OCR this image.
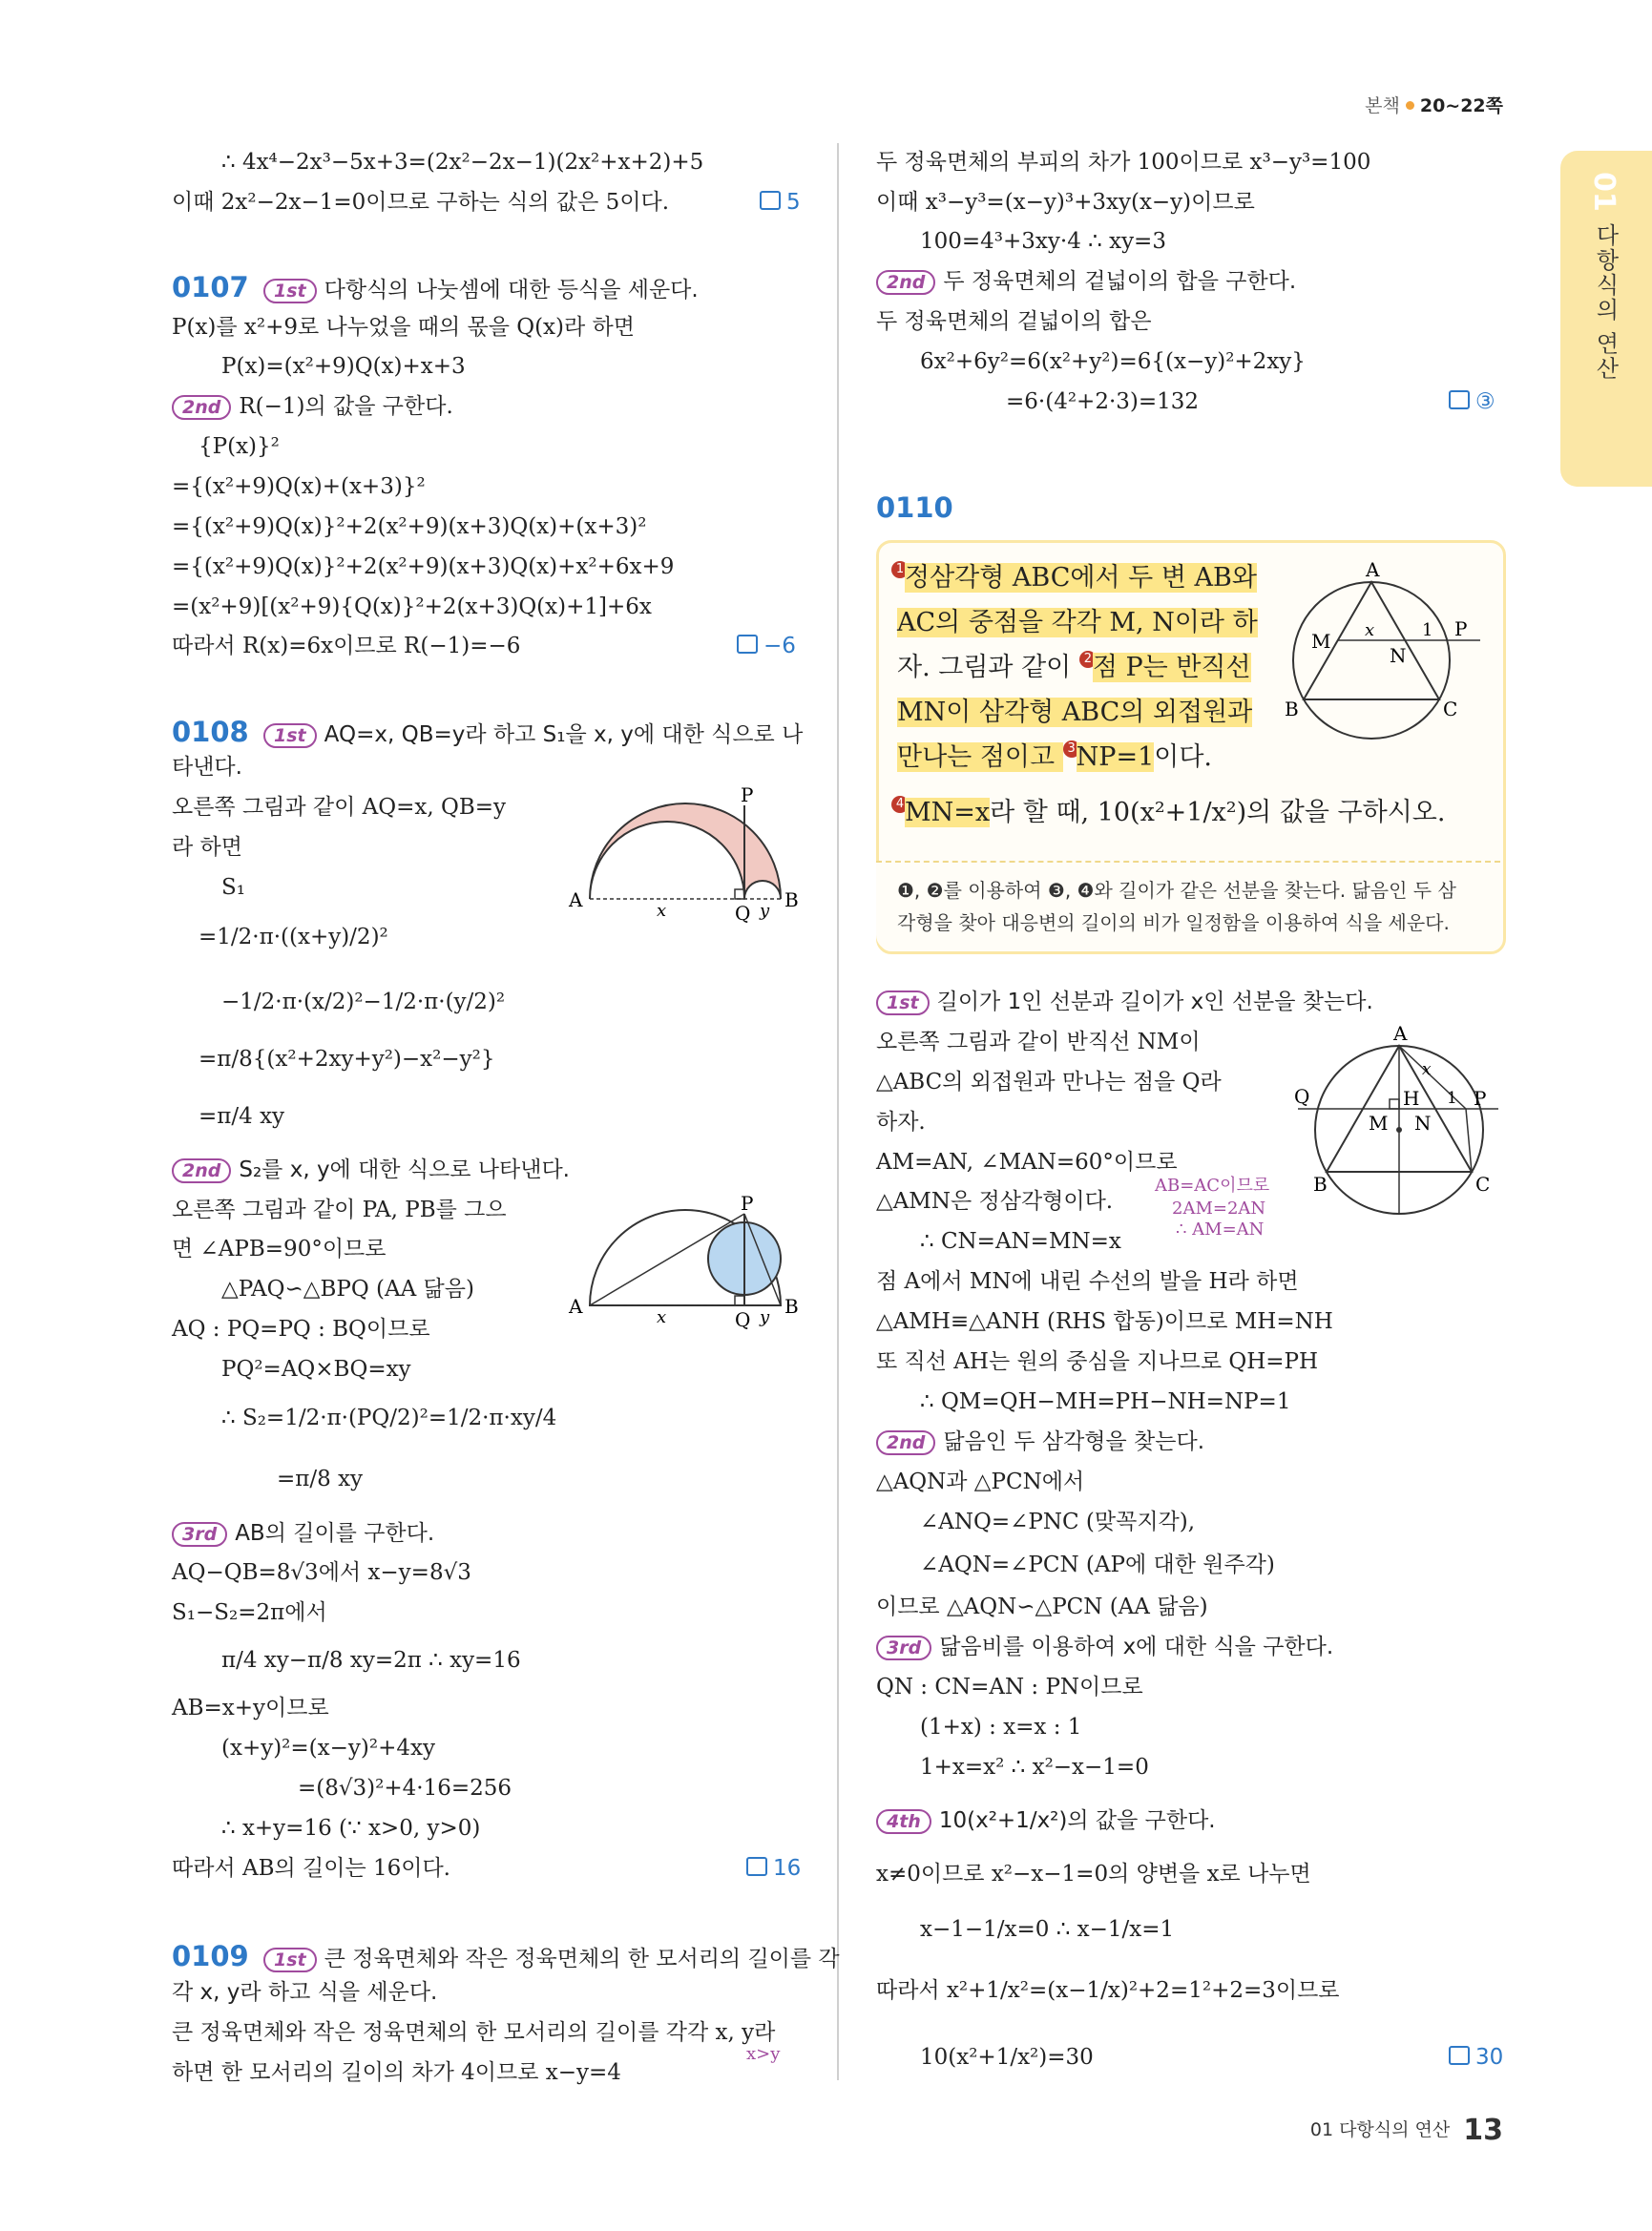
본책 20~22쪽
01
다항식의 연산
∴ 4x⁴−2x³−5x+3=(2x²−2x−1)(2x²+x+2)+5
이때 2x²−2x−1=0이므로 구하는 식의 값은 5이다.	5
0107 1st 다항식의 나눗셈에 대한 등식을 세운다.
P(x)를 x²+9로 나누었을 때의 몫을 Q(x)라 하면
P(x)=(x²+9)Q(x)+x+3
2nd R(−1)의 값을 구한다.
{P(x)}²
={(x²+9)Q(x)+(x+3)}²
={(x²+9)Q(x)}²+2(x²+9)(x+3)Q(x)+(x+3)²
={(x²+9)Q(x)}²+2(x²+9)(x+3)Q(x)+x²+6x+9
=(x²+9)[(x²+9){Q(x)}²+2(x+3)Q(x)+1]+6x
따라서 R(x)=6x이므로 R(−1)=−6	−6
0108 1st AQ=x, QB=y라 하고 S₁을 x, y에 대한 식으로 나
타낸다.
오른쪽 그림과 같이 AQ=x, QB=y
라 하면
S₁
=1/2·π·((x+y)/2)²
−1/2·π·(x/2)²−1/2·π·(y/2)²
=π/8{(x²+2xy+y²)−x²−y²}
=π/4 xy
2nd S₂를 x, y에 대한 식으로 나타낸다.
오른쪽 그림과 같이 PA, PB를 그으
면 ∠APB=90°이므로
△PAQ∽△BPQ (AA 닮음)
AQ : PQ=PQ : BQ이므로
PQ²=AQ×BQ=xy
∴ S₂=1/2·π·(PQ/2)²=1/2·π·xy/4
=π/8 xy
3rd AB의 길이를 구한다.
AQ−QB=8√3에서 x−y=8√3
S₁−S₂=2π에서
π/4 xy−π/8 xy=2π ∴ xy=16
AB=x+y이므로
(x+y)²=(x−y)²+4xy
=(8√3)²+4·16=256
∴ x+y=16 (∵ x>0, y>0)
따라서 AB의 길이는 16이다.	16
0109 1st 큰 정육면체와 작은 정육면체의 한 모서리의 길이를 각
각 x, y라 하고 식을 세운다.
큰 정육면체와 작은 정육면체의 한 모서리의 길이를 각각 x, y라
하면 한 모서리의 길이의 차가 4이므로 x−y=4
x>y
A	B
P
Q
x	y
A	B
P
Q
x	y
두 정육면체의 부피의 차가 100이므로 x³−y³=100
이때 x³−y³=(x−y)³+3xy(x−y)이므로
100=4³+3xy·4 ∴ xy=3
2nd 두 정육면체의 겉넓이의 합을 구한다.
두 정육면체의 겉넓이의 합은
6x²+6y²=6(x²+y²)=6{(x−y)²+2xy}
=6·(4²+2·3)=132	③
0110
1정삼각형 ABC에서 두 변 AB와
AC의 중점을 각각 M, N이라 하
자. 그림과 같이 2점 P는 반직선
MN이 삼각형 ABC의 외접원과
만나는 점이고 3NP=1이다.
4MN=x라 할 때, 10(x²+1/x²)의 값을 구하시오.
A
B	C
M
N
P
x	1
❶, ❷를 이용하여 ❸, ❹와 길이가 같은 선분을 찾는다. 닮음인 두 삼
각형을 찾아 대응변의 길이의 비가 일정함을 이용하여 식을 세운다.
1st 길이가 1인 선분과 길이가 x인 선분을 찾는다.
오른쪽 그림과 같이 반직선 NM이
△ABC의 외접원과 만나는 점을 Q라
하자.
AM=AN, ∠MAN=60°이므로
△AMN은 정삼각형이다.
AB=AC이므로
2AM=2AN
∴ AM=AN
∴ CN=AN=MN=x
점 A에서 MN에 내린 수선의 발을 H라 하면
△AMH≡△ANH (RHS 합동)이므로 MH=NH
또 직선 AH는 원의 중심을 지나므로 QH=PH
∴ QM=QH−MH=PH−NH=NP=1
2nd 닮음인 두 삼각형을 찾는다.
△AQN과 △PCN에서
∠ANQ=∠PNC (맞꼭지각),
∠AQN=∠PCN (AP에 대한 원주각)
이므로 △AQN∽△PCN (AA 닮음)
3rd 닮음비를 이용하여 x에 대한 식을 구한다.
QN : CN=AN : PN이므로
(1+x) : x=x : 1
1+x=x² ∴ x²−x−1=0
4th 10(x²+1/x²)의 값을 구한다.
x≠0이므로 x²−x−1=0의 양변을 x로 나누면
x−1−1/x=0 ∴ x−1/x=1
따라서 x²+1/x²=(x−1/x)²+2=1²+2=3이므로
10(x²+1/x²)=30	30
A
B	C
M N
P
Q	H
x
1
01 다항식의 연산 13
